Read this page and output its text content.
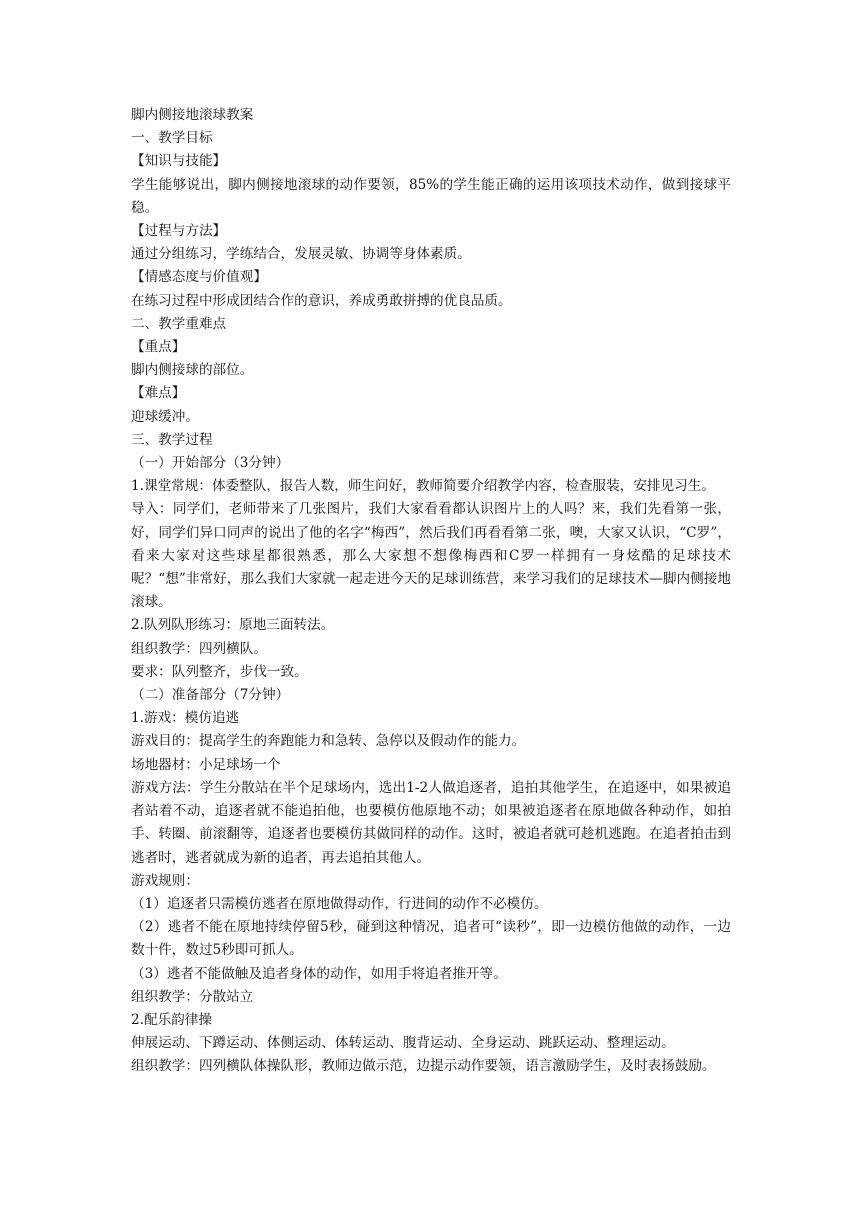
脚内侧接地滚球教案

一、教学目标

【知识与技能】

学生能够说出，脚内侧接地滚球的动作要领，85%的学生能正确的运用该项技术动作，做到接球平稳。

【过程与方法】

通过分组练习，学练结合，发展灵敏、协调等身体素质。

【情感态度与价值观】

在练习过程中形成团结合作的意识，养成勇敢拼搏的优良品质。

二、教学重难点

【重点】

脚内侧接球的部位。

【难点】

迎球缓冲。

三、教学过程

（一）开始部分（3分钟）

1.课堂常规：体委整队，报告人数，师生问好，教师简要介绍教学内容，检查服装，安排见习生。

导入：同学们，老师带来了几张图片，我们大家看看都认识图片上的人吗？来，我们先看第一张，好，同学们异口同声的说出了他的名字“梅西”，然后我们再看看第二张，噢，大家又认识，“C罗”，看来大家对这些球星都很熟悉，那么大家想不想像梅西和C罗一样拥有一身炫酷的足球技术呢？“想”非常好，那么我们大家就一起走进今天的足球训练营，来学习我们的足球技术—脚内侧接地滚球。

2.队列队形练习：原地三面转法。

组织教学：四列横队。

要求：队列整齐，步伐一致。

（二）准备部分（7分钟）

1.游戏：模仿追逃

游戏目的：提高学生的奔跑能力和急转、急停以及假动作的能力。

场地器材：小足球场一个

游戏方法：学生分散站在半个足球场内，选出1-2人做追逐者，追拍其他学生，在追逐中，如果被追者站着不动，追逐者就不能追拍他，也要模仿他原地不动；如果被追逐者在原地做各种动作，如拍手、转圈、前滚翻等，追逐者也要模仿其做同样的动作。这时，被追者就可趁机逃跑。在追者拍击到逃者时，逃者就成为新的追者，再去追拍其他人。

游戏规则：

（1）追逐者只需模仿逃者在原地做得动作，行进间的动作不必模仿。

（2）逃者不能在原地持续停留5秒，碰到这种情况，追者可“读秒”，即一边模仿他做的动作，一边数十件，数过5秒即可抓人。

（3）逃者不能做触及追者身体的动作，如用手将追者推开等。

组织教学：分散站立

2.配乐韵律操

伸展运动、下蹲运动、体侧运动、体转运动、腹背运动、全身运动、跳跃运动、整理运动。

组织教学：四列横队体操队形，教师边做示范，边提示动作要领，语言激励学生，及时表扬鼓励。
